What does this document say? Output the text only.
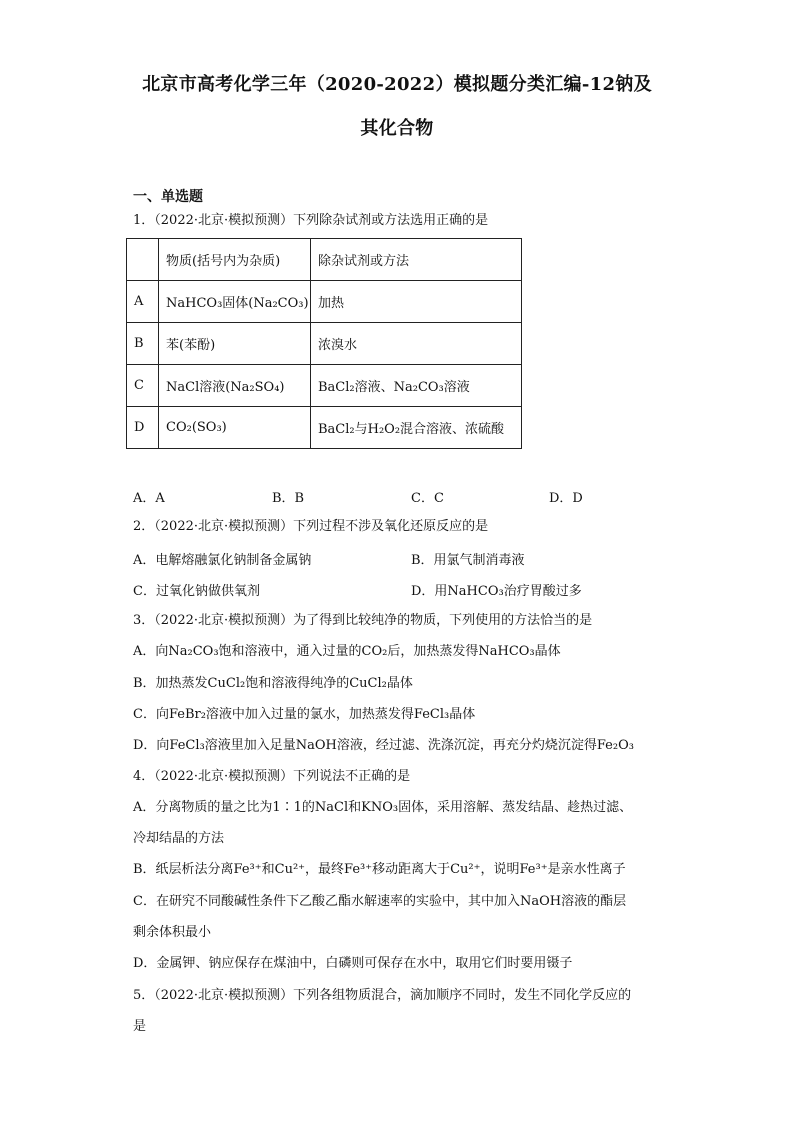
北京市高考化学三年（2020-2022）模拟题分类汇编-12钠及
其化合物
一、单选题
1．（2022·北京·模拟预测）下列除杂试剂或方法选用正确的是
	物质(括号内为杂质)	除杂试剂或方法
A	NaHCO₃固体(Na₂CO₃)	加热
B	苯(苯酚)	浓溴水
C	NaCl溶液(Na₂SO₄)	BaCl₂溶液、Na₂CO₃溶液
D	CO₂(SO₃)	BaCl₂与H₂O₂混合溶液、浓硫酸
A．A	B．B	C．C	D．D
2．（2022·北京·模拟预测）下列过程不涉及氧化还原反应的是
A．电解熔融氯化钠制备金属钠	B．用氯气制消毒液
C．过氧化钠做供氧剂	D．用NaHCO₃治疗胃酸过多
3．（2022·北京·模拟预测）为了得到比较纯净的物质，下列使用的方法恰当的是
A．向Na₂CO₃饱和溶液中，通入过量的CO₂后，加热蒸发得NaHCO₃晶体
B．加热蒸发CuCl₂饱和溶液得纯净的CuCl₂晶体
C．向FeBr₂溶液中加入过量的氯水，加热蒸发得FeCl₃晶体
D．向FeCl₃溶液里加入足量NaOH溶液，经过滤、洗涤沉淀，再充分灼烧沉淀得Fe₂O₃
4．（2022·北京·模拟预测）下列说法不正确的是
A．分离物质的量之比为1∶1的NaCl和KNO₃固体，采用溶解、蒸发结晶、趁热过滤、
冷却结晶的方法
B．纸层析法分离Fe³⁺和Cu²⁺，最终Fe³⁺移动距离大于Cu²⁺，说明Fe³⁺是亲水性离子
C．在研究不同酸碱性条件下乙酸乙酯水解速率的实验中，其中加入NaOH溶液的酯层
剩余体积最小
D．金属钾、钠应保存在煤油中，白磷则可保存在水中，取用它们时要用镊子
5．（2022·北京·模拟预测）下列各组物质混合，滴加顺序不同时，发生不同化学反应的
是
